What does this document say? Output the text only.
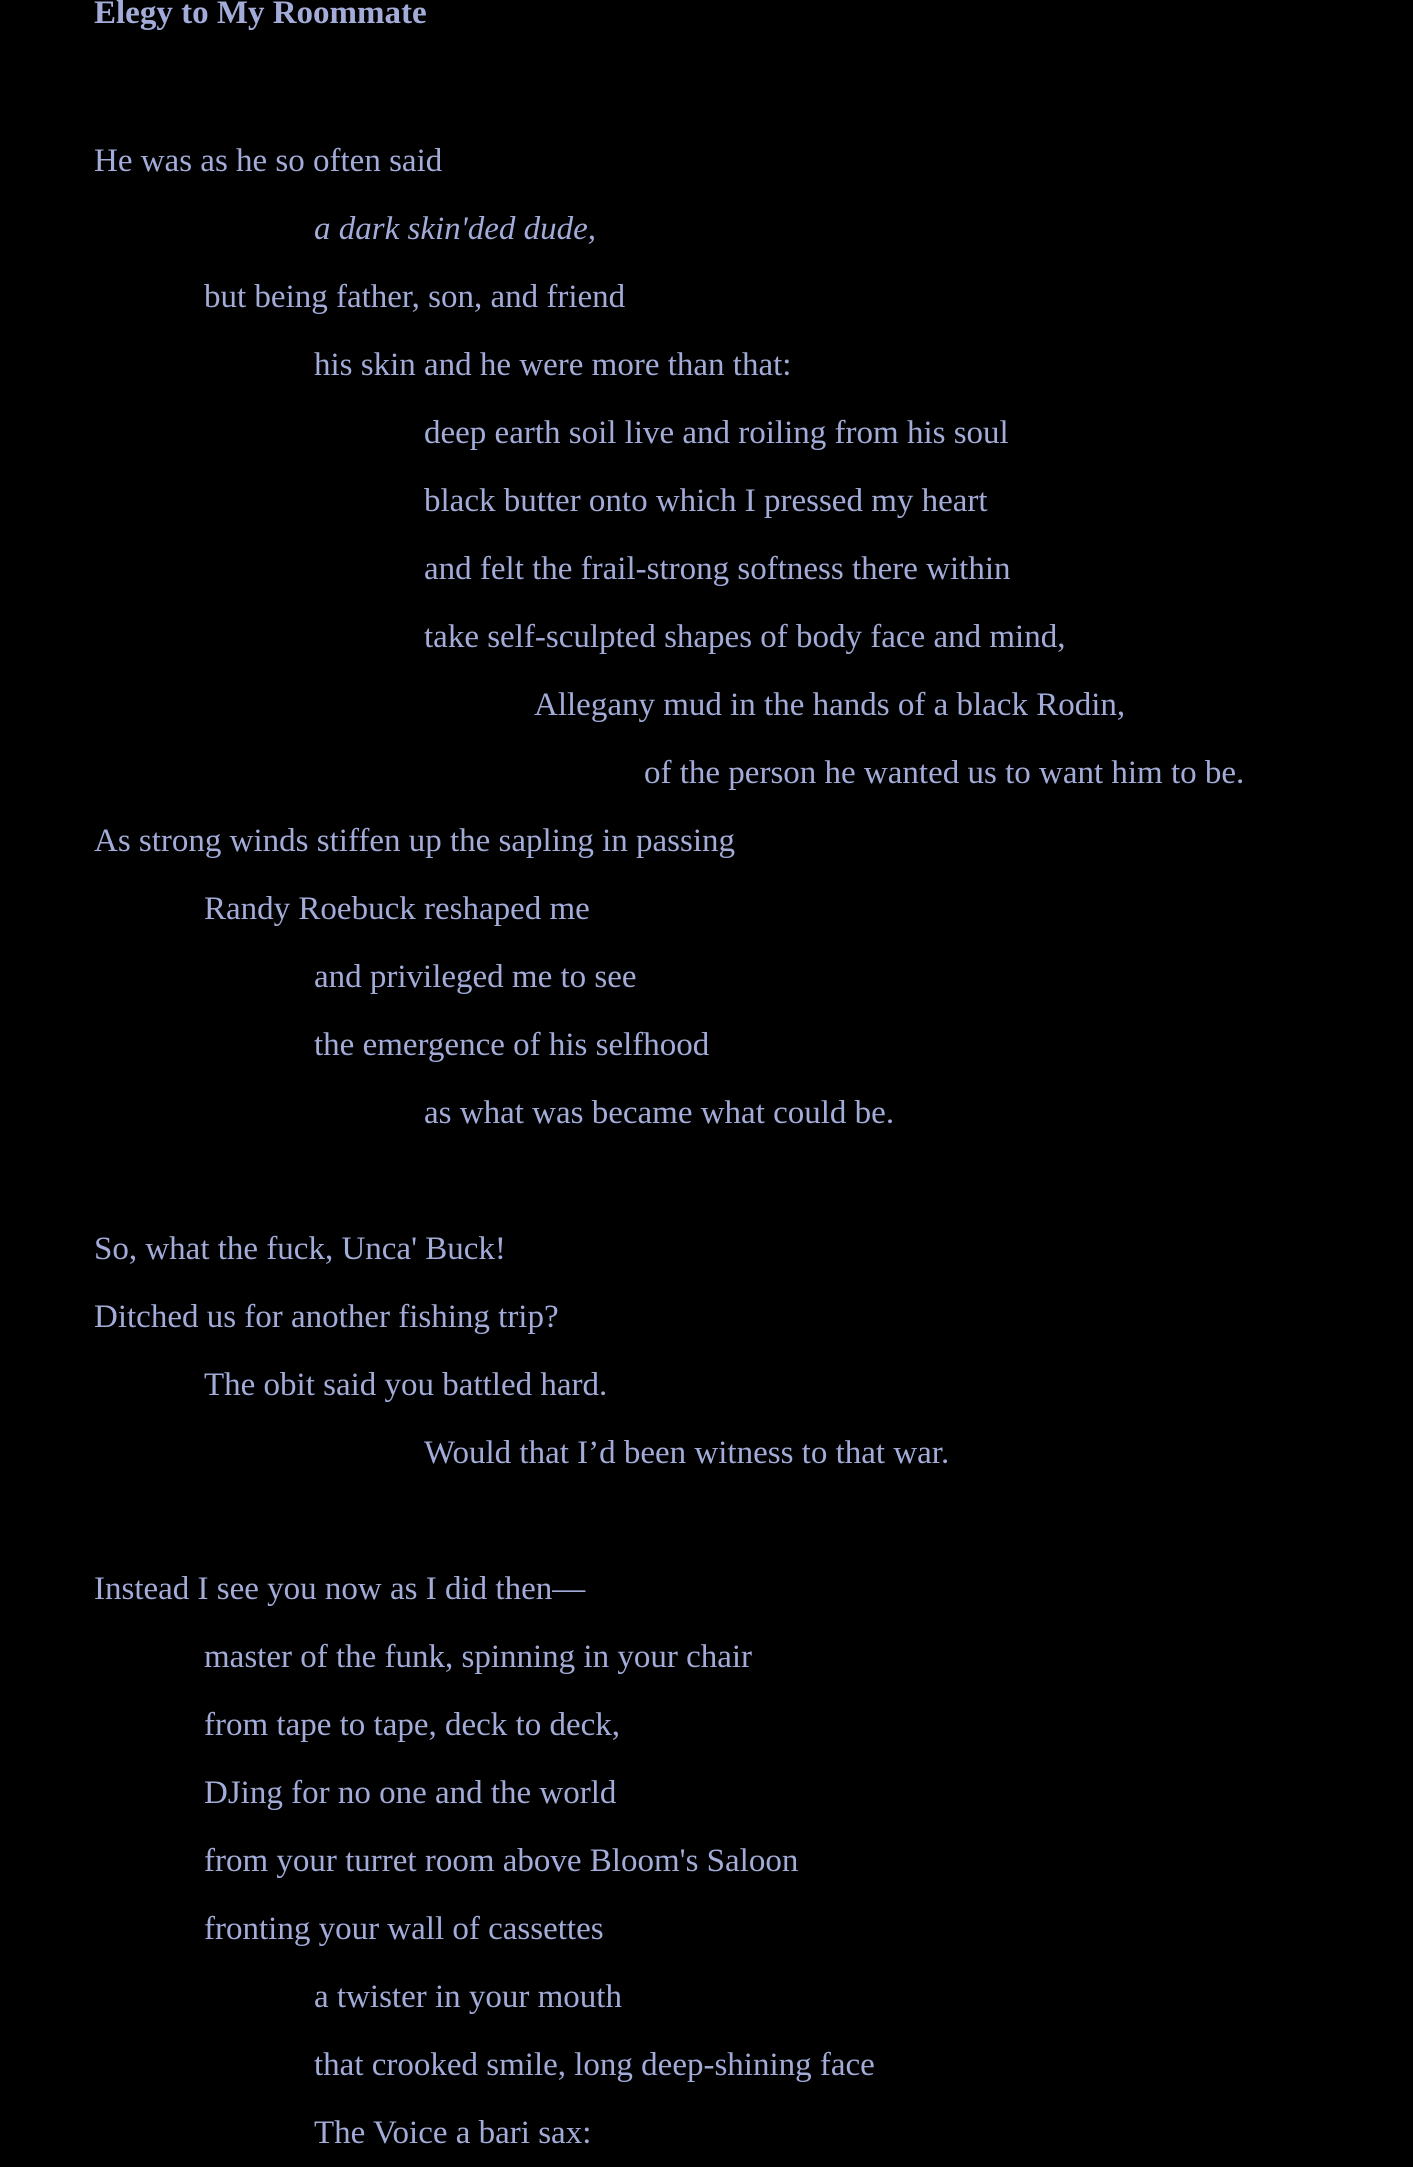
Elegy to My Roommate
He was as he so often said
a dark skin'ded dude,
but being father, son, and friend
his skin and he were more than that:
deep earth soil live and roiling from his soul
black butter onto which I pressed my heart
and felt the frail-strong softness there within
take self-sculpted shapes of body face and mind,
Allegany mud in the hands of a black Rodin,
of the person he wanted us to want him to be.
As strong winds stiffen up the sapling in passing
Randy Roebuck reshaped me
and privileged me to see
the emergence of his selfhood
as what was became what could be.
So, what the fuck, Unca' Buck!
Ditched us for another fishing trip?
The obit said you battled hard.
Would that I’d been witness to that war.
Instead I see you now as I did then—
master of the funk, spinning in your chair
from tape to tape, deck to deck,
DJing for no one and the world
from your turret room above Bloom's Saloon
fronting your wall of cassettes
a twister in your mouth
that crooked smile, long deep-shining face
The Voice a bari sax:
